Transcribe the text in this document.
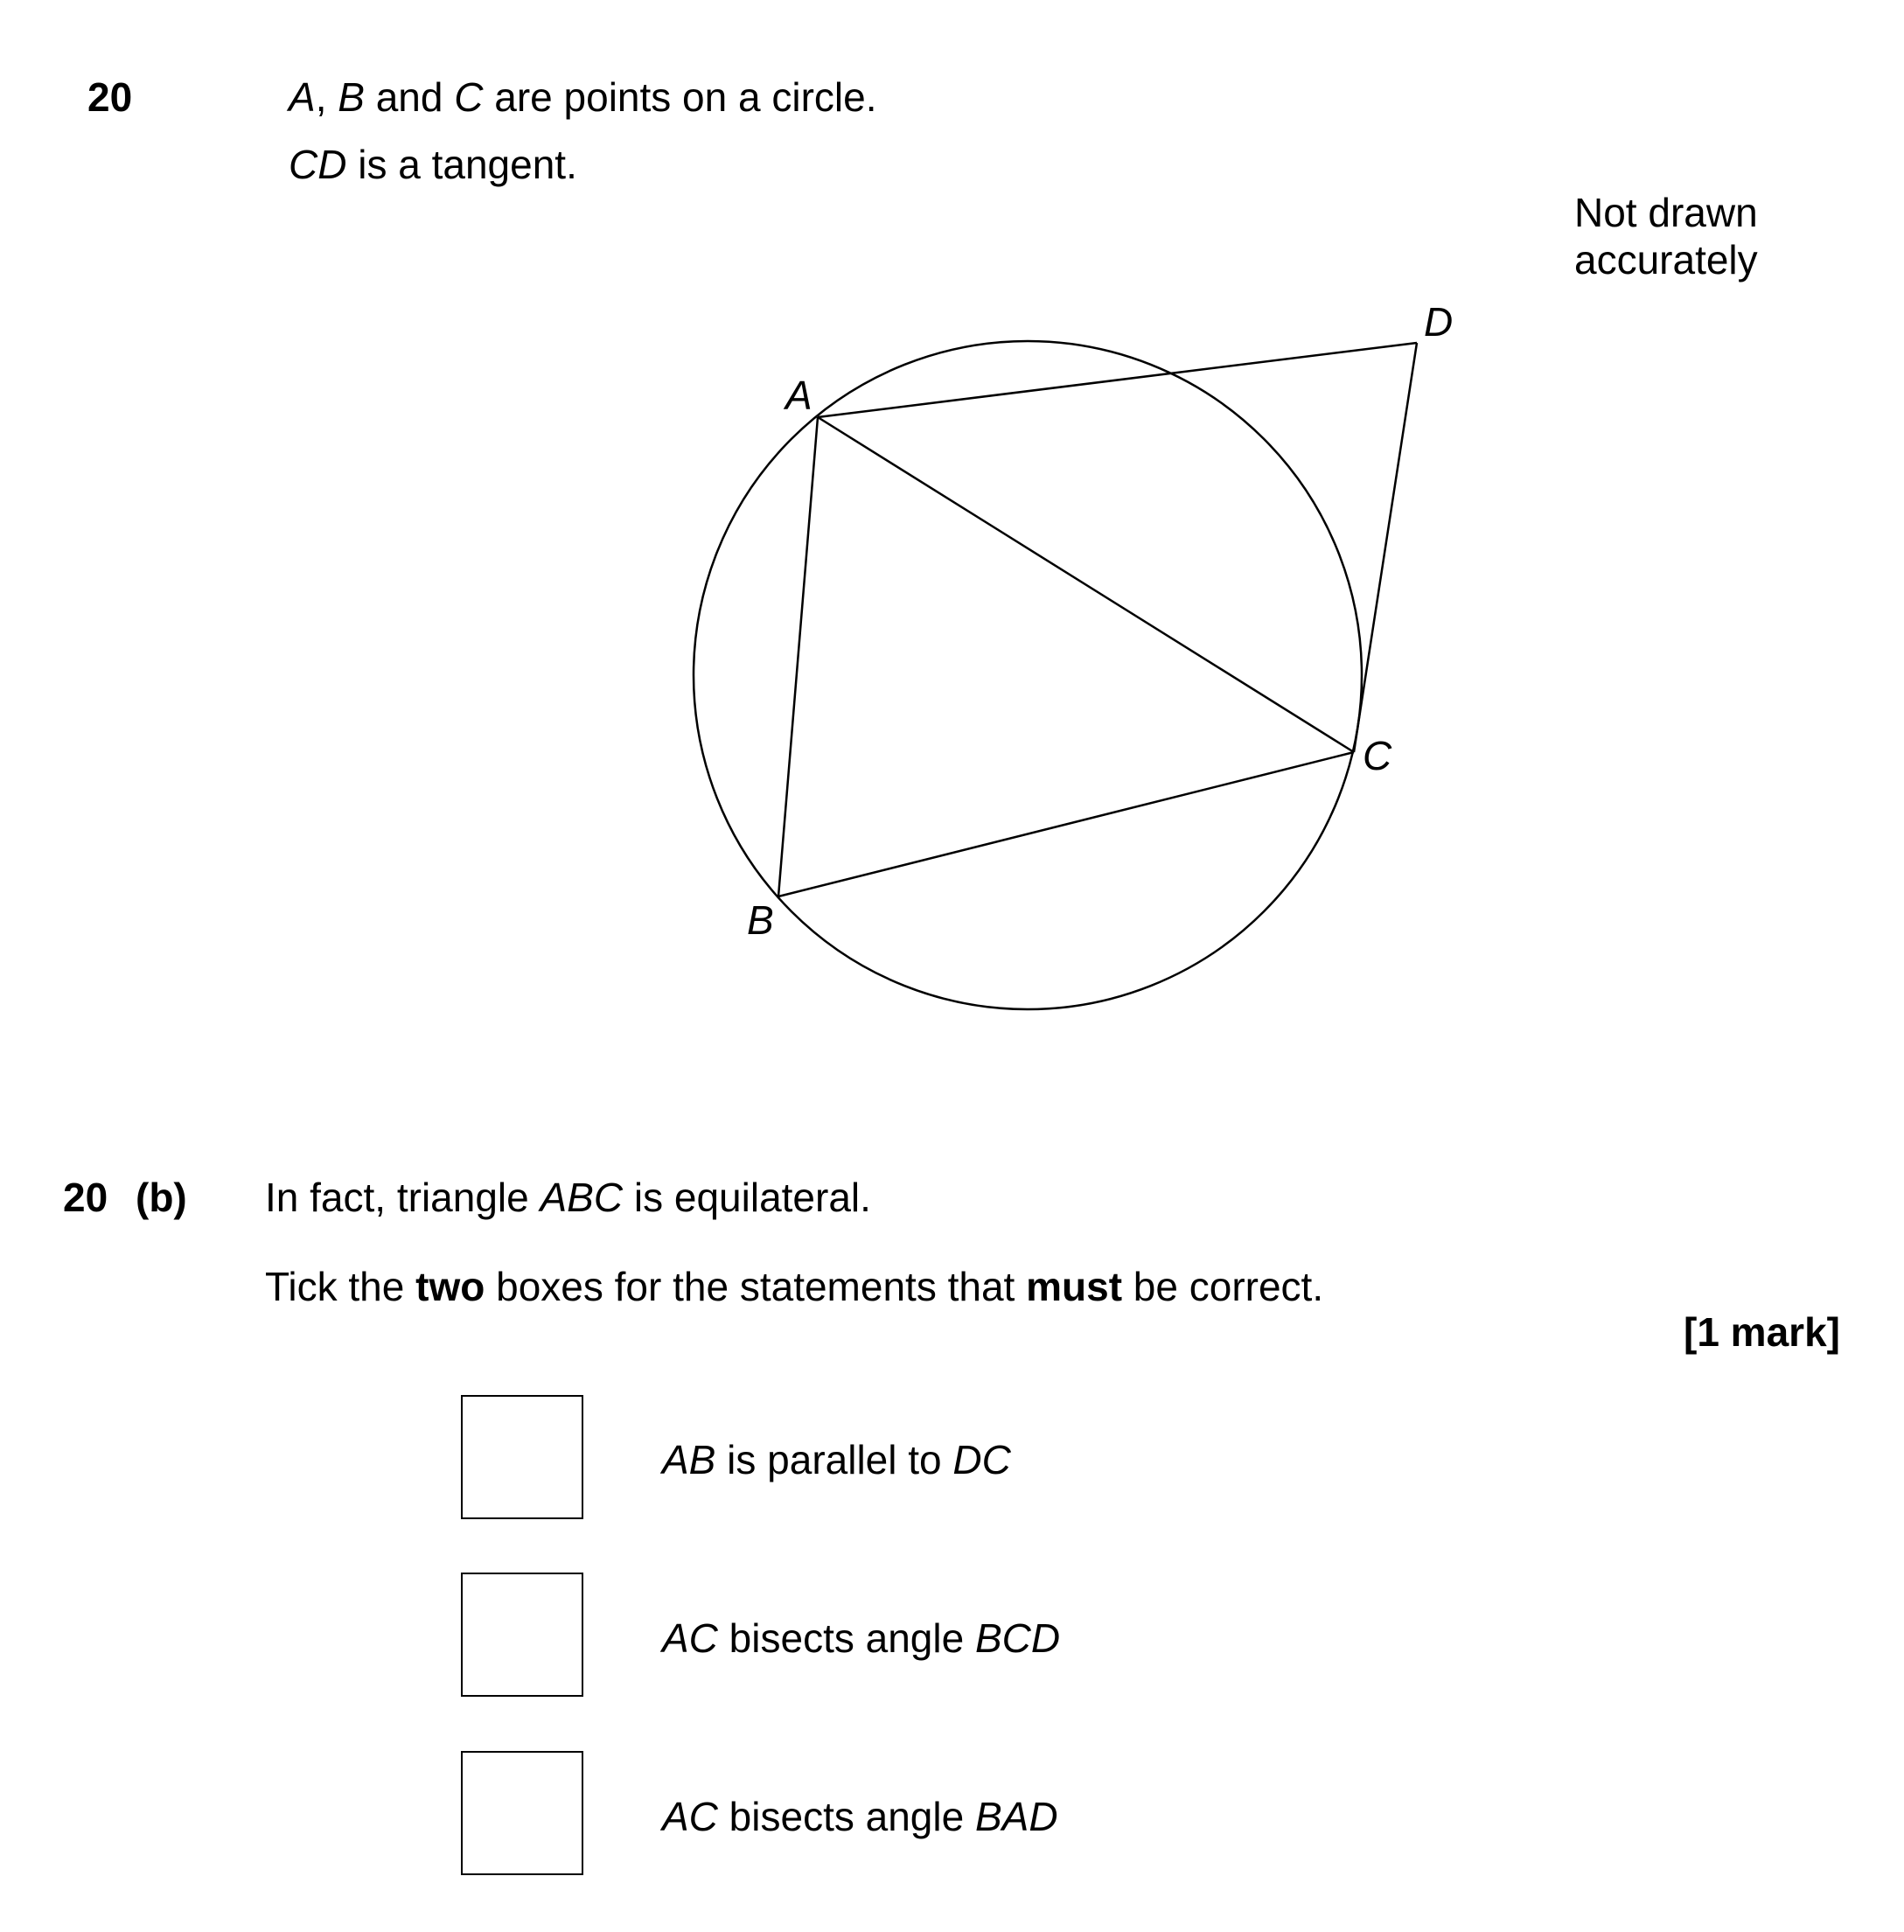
20	A, B and C are points on a circle.
CD is a tangent.
Not drawn
accurately
A
B
C
D
20 (b) In fact, triangle ABC is equilateral.
Tick the two boxes for the statements that must be correct.
[1 mark]
AB is parallel to DC
AC bisects angle BCD
AC bisects angle BAD
